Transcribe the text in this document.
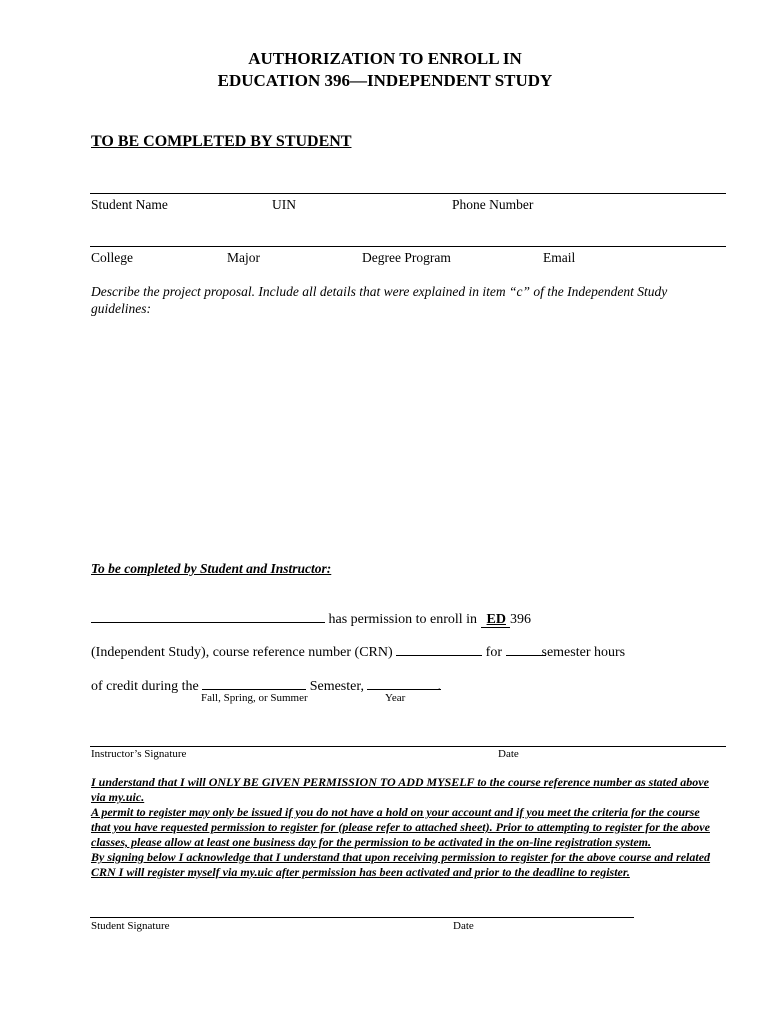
AUTHORIZATION TO ENROLL IN
EDUCATION 396—INDEPENDENT STUDY
TO BE COMPLETED BY STUDENT
Student Name	UIN	Phone Number
College	Major	Degree Program	Email
Describe the project proposal. Include all details that were explained in item “c” of the Independent Study guidelines:
To be completed by Student and Instructor:
has permission to enroll in ED 396
(Independent Study), course reference number (CRN)	for	semester hours
of credit during the	Semester,	.
Fall, Spring, or Summer	Year
Instructor’s Signature	Date
I understand that I will ONLY BE GIVEN PERMISSION TO ADD MYSELF to the course reference number as stated above via my.uic.
A permit to register may only be issued if you do not have a hold on your account and if you meet the criteria for the course that you have requested permission to register for (please refer to attached sheet). Prior to attempting to register for the above classes, please allow at least one business day for the permission to be activated in the on-line registration system.
By signing below I acknowledge that I understand that upon receiving permission to register for the above course and related CRN I will register myself via my.uic after permission has been activated and prior to the deadline to register.
Student Signature	Date
